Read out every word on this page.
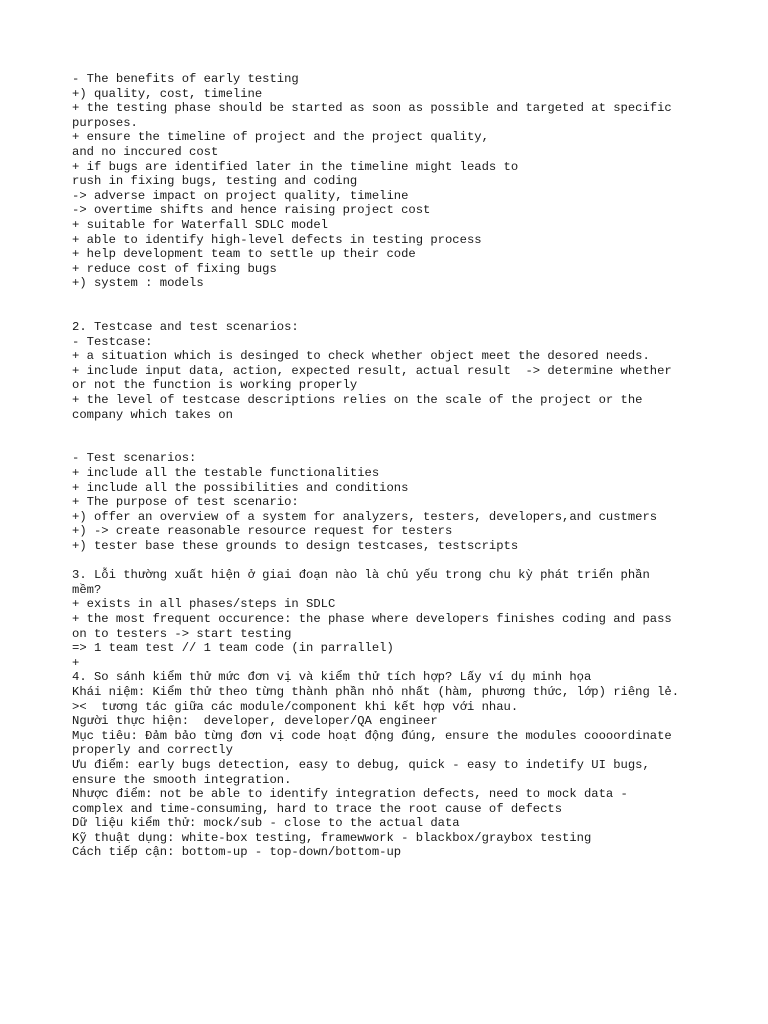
- The benefits of early testing
+) quality, cost, timeline
+ the testing phase should be started as soon as possible and targeted at specific
purposes.
+ ensure the timeline of project and the project quality,
and no inccured cost
+ if bugs are identified later in the timeline might leads to
rush in fixing bugs, testing and coding
-> adverse impact on project quality, timeline
-> overtime shifts and hence raising project cost
+ suitable for Waterfall SDLC model
+ able to identify high-level defects in testing process
+ help development team to settle up their code
+ reduce cost of fixing bugs
+) system : models
2. Testcase and test scenarios:
- Testcase:
+ a situation which is desinged to check whether object meet the desored needs.
+ include input data, action, expected result, actual result  -> determine whether
or not the function is working properly
+ the level of testcase descriptions relies on the scale of the project or the
company which takes on
- Test scenarios:
+ include all the testable functionalities
+ include all the possibilities and conditions
+ The purpose of test scenario:
+) offer an overview of a system for analyzers, testers, developers,and custmers
+) -> create reasonable resource request for testers
+) tester base these grounds to design testcases, testscripts
3. Lỗi thường xuất hiện ở giai đoạn nào là chủ yếu trong chu kỳ phát triển phần
mềm?
+ exists in all phases/steps in SDLC
+ the most frequent occurence: the phase where developers finishes coding and pass
on to testers -> start testing
=> 1 team test // 1 team code (in parrallel)
+
4. So sánh kiểm thử mức đơn vị và kiểm thử tích hợp? Lấy ví dụ minh họa
Khái niệm: Kiểm thử theo từng thành phần nhỏ nhất (hàm, phương thức, lớp) riêng lẻ.
><  tương tác giữa các module/component khi kết hợp với nhau.
Người thực hiện:  developer, developer/QA engineer
Mục tiêu: Đảm bảo từng đơn vị code hoạt động đúng, ensure the modules coooordinate
properly and correctly
Ưu điểm: early bugs detection, easy to debug, quick - easy to indetify UI bugs,
ensure the smooth integration.
Nhược điểm: not be able to identify integration defects, need to mock data -
complex and time-consuming, hard to trace the root cause of defects
Dữ liệu kiểm thử: mock/sub - close to the actual data
Kỹ thuật dụng: white-box testing, framewwork - blackbox/graybox testing
Cách tiếp cận: bottom-up - top-down/bottom-up
